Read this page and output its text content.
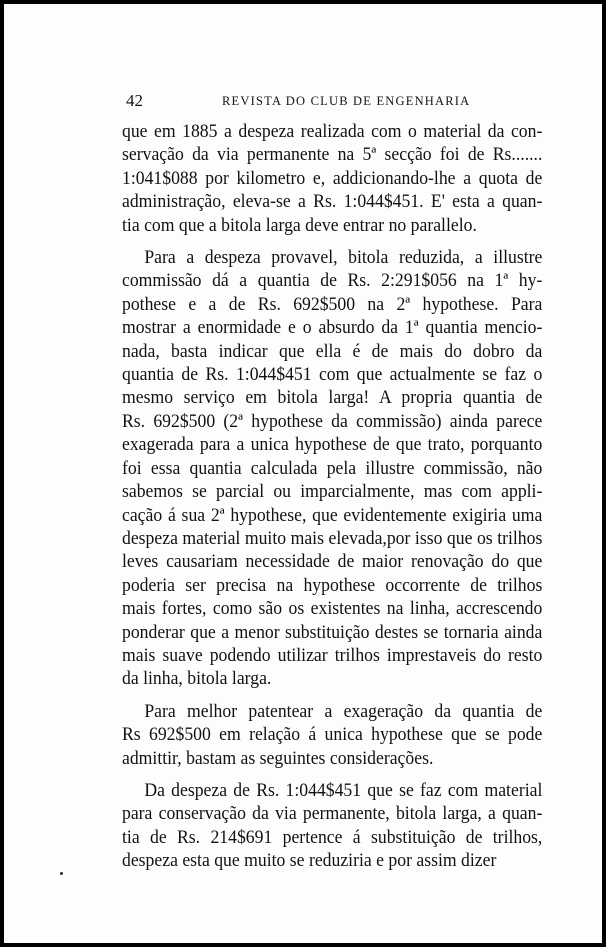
42	REVISTA DO CLUB DE ENGENHARIA
que em 1885 a despeza realizada com o material da con-
servação da via permanente na 5ª secção foi de Rs.......
1:041$088 por kilometro e, addicionando-lhe a quota de
administração, eleva-se a Rs. 1:044$451. E' esta a quan-
tia com que a bitola larga deve entrar no parallelo.
Para a despeza provavel, bitola reduzida, a illustre
commissão dá a quantia de Rs. 2:291$056 na 1ª hy-
pothese e a de Rs. 692$500 na 2ª hypothese. Para
mostrar a enormidade e o absurdo da 1ª quantia mencio-
nada, basta indicar que ella é de mais do dobro da
quantia de Rs. 1:044$451 com que actualmente se faz o
mesmo serviço em bitola larga! A propria quantia de
Rs. 692$500 (2ª hypothese da commissão) ainda parece
exagerada para a unica hypothese de que trato, porquanto
foi essa quantia calculada pela illustre commissão, não
sabemos se parcial ou imparcialmente, mas com appli-
cação á sua 2ª hypothese, que evidentemente exigiria uma
despeza material muito mais elevada,por isso que os trilhos
leves causariam necessidade de maior renovação do que
poderia ser precisa na hypothese occorrente de trilhos
mais fortes, como são os existentes na linha, accrescendo
ponderar que a menor substituição destes se tornaria ainda
mais suave podendo utilizar trilhos imprestaveis do resto
da linha, bitola larga.
Para melhor patentear a exageração da quantia de
Rs 692$500 em relação á unica hypothese que se pode
admittir, bastam as seguintes considerações.
Da despeza de Rs. 1:044$451 que se faz com material
para conservação da via permanente, bitola larga, a quan-
tia de Rs. 214$691 pertence á substituição de trilhos,
despeza esta que muito se reduziria e por assim dizer
